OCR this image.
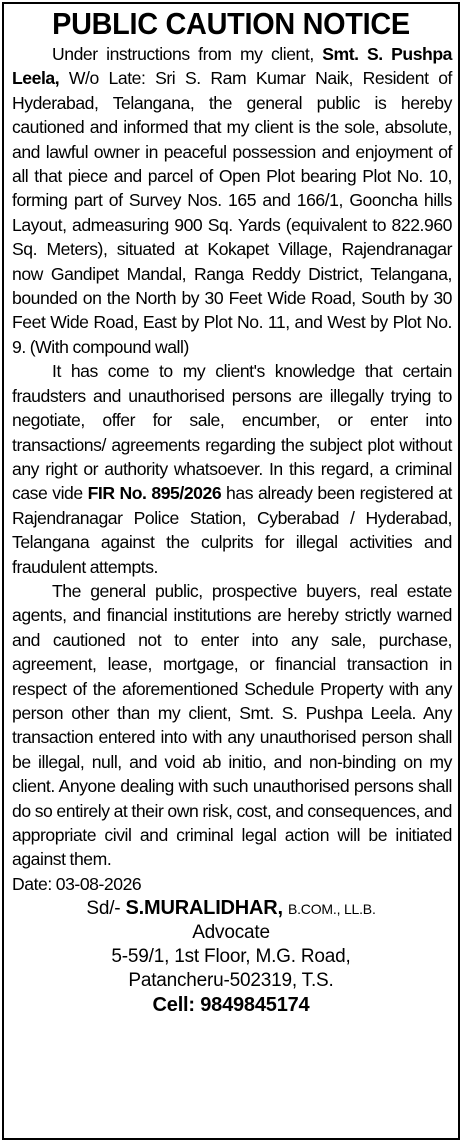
PUBLIC CAUTION NOTICE

Under instructions from my client, Smt. S. Pushpa Leela, W/o Late: Sri S. Ram Kumar Naik, Resident of Hyderabad, Telangana, the general public is hereby cautioned and informed that my client is the sole, absolute, and lawful owner in peaceful possession and enjoyment of all that piece and parcel of Open Plot bearing Plot No. 10, forming part of Survey Nos. 165 and 166/1, Gooncha hills Layout, admeasuring 900 Sq. Yards (equivalent to 822.960 Sq. Meters), situated at Kokapet Village, Rajendranagar now Gandipet Mandal, Ranga Reddy District, Telangana, bounded on the North by 30 Feet Wide Road, South by 30 Feet Wide Road, East by Plot No. 11, and West by Plot No. 9. (With compound wall)

It has come to my client's knowledge that certain fraudsters and unauthorised persons are illegally trying to negotiate, offer for sale, encumber, or enter into transactions/ agreements regarding the subject plot without any right or authority whatsoever. In this regard, a criminal case vide FIR No. 895/2026 has already been registered at Rajendranagar Police Station, Cyberabad / Hyderabad, Telangana against the culprits for illegal activities and fraudulent attempts.

The general public, prospective buyers, real estate agents, and financial institutions are hereby strictly warned and cautioned not to enter into any sale, purchase, agreement, lease, mortgage, or financial transaction in respect of the aforementioned Schedule Property with any person other than my client, Smt. S. Pushpa Leela. Any transaction entered into with any unauthorised person shall be illegal, null, and void ab initio, and non-binding on my client. Anyone dealing with such unauthorised persons shall do so entirely at their own risk, cost, and consequences, and appropriate civil and criminal legal action will be initiated against them.

Date: 03-08-2026

Sd/- S.MURALIDHAR, B.COM., LL.B.
Advocate
5-59/1, 1st Floor, M.G. Road,
Patancheru-502319, T.S.
Cell: 9849845174
